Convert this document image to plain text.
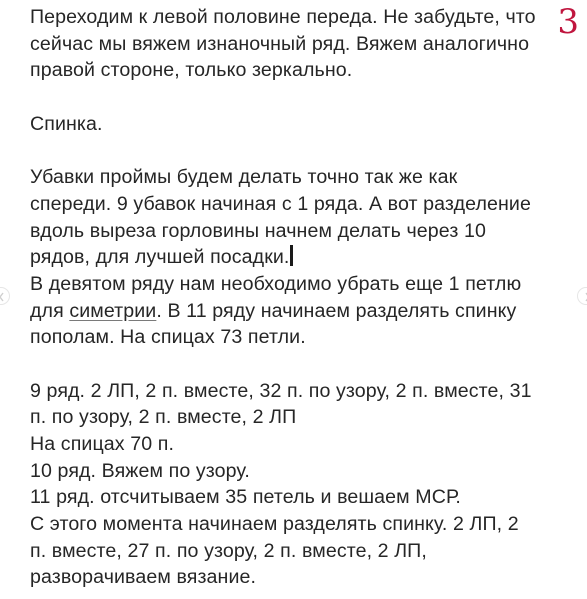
3
Переходим к левой половине переда. Не забудьте, что
сейчас мы вяжем изнаночный ряд. Вяжем аналогично
правой стороне, только зеркально.
Спинка.
Убавки проймы будем делать точно так же как
спереди. 9 убавок начиная с 1 ряда. А вот разделение
вдоль выреза горловины начнем делать через 10
рядов, для лучшей посадки.
В девятом ряду нам необходимо убрать еще 1 петлю
для симетрии. В 11 ряду начинаем разделять спинку
пополам. На спицах 73 петли.
9 ряд. 2 ЛП, 2 п. вместе, 32 п. по узору, 2 п. вместе, 31
п. по узору, 2 п. вместе, 2 ЛП
На спицах 70 п.
10 ряд. Вяжем по узору.
11 ряд. отсчитываем 35 петель и вешаем МСР.
С этого момента начинаем разделять спинку. 2 ЛП, 2
п. вместе, 27 п. по узору, 2 п. вместе, 2 ЛП,
разворачиваем вязание.
